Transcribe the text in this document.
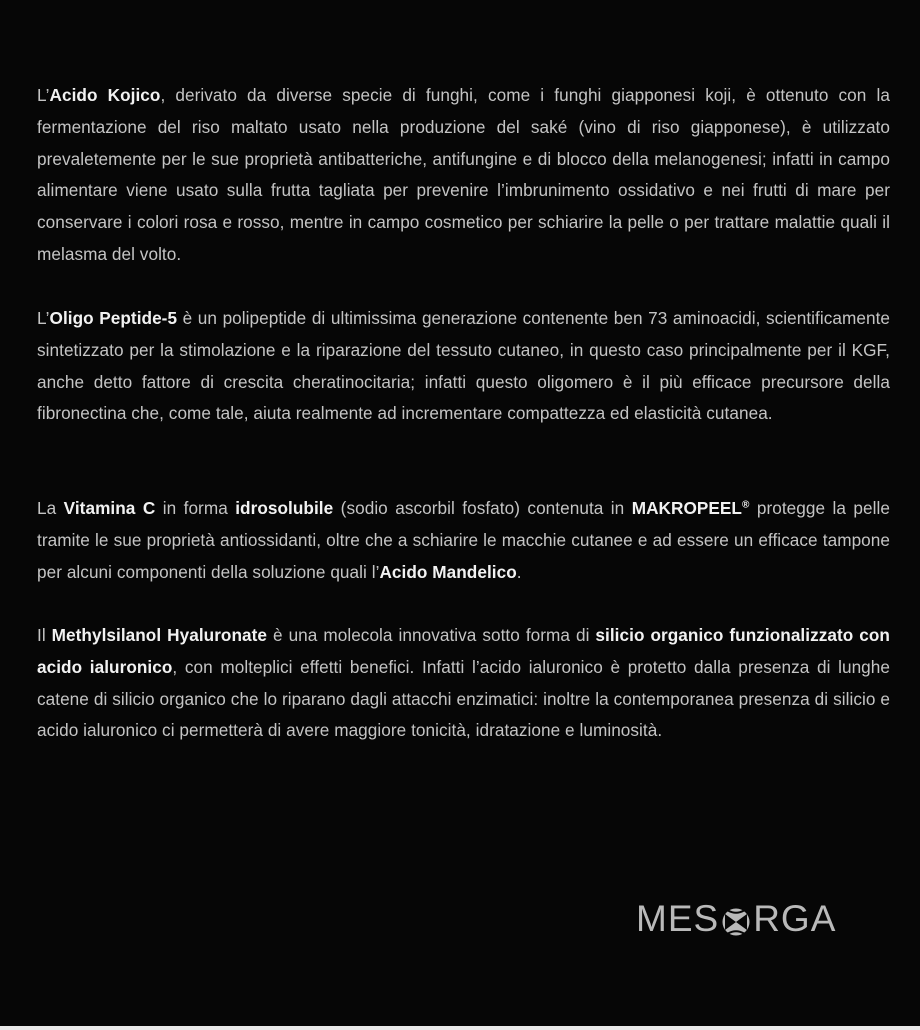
L’Acido Kojico, derivato da diverse specie di funghi, come i funghi giapponesi koji, è ottenuto con la fermentazione del riso maltato usato nella produzione del saké (vino di riso giapponese), è utilizzato prevaletemente per le sue proprietà antibatteriche, antifungine e di blocco della melanogenesi; infatti in campo alimentare viene usato sulla frutta tagliata per prevenire l’imbrunimento ossidativo e nei frutti di mare per conservare i colori rosa e rosso, mentre in campo cosmetico per schiarire la pelle o per trattare malattie quali il melasma del volto.

L’Oligo Peptide-5 è un polipeptide di ultimissima generazione contenente ben 73 aminoacidi, scientificamente sintetizzato per la stimolazione e la riparazione del tessuto cutaneo, in questo caso principalmente per il KGF, anche detto fattore di crescita cheratinocitaria; infatti questo oligomero è il più efficace precursore della fibronectina che, come tale, aiuta realmente ad incrementare compattezza ed elasticità cutanea.

La Vitamina C in forma idrosolubile (sodio ascorbil fosfato) contenuta in MAKROPEEL® protegge la pelle tramite le sue proprietà antiossidanti, oltre che a schiarire le macchie cutanee e ad essere un efficace tampone per alcuni componenti della soluzione quali l’Acido Mandelico.

Il Methylsilanol Hyaluronate è una molecola innovativa sotto forma di silicio organico funzionalizzato con acido ialuronico, con molteplici effetti benefici. Infatti l’acido ialuronico è protetto dalla presenza di lunghe catene di silicio organico che lo riparano dagli attacchi enzimatici: inoltre la contemporanea presenza di silicio e acido ialuronico ci permetterà di avere maggiore tonicità, idratazione e luminosità.

MES RGA
